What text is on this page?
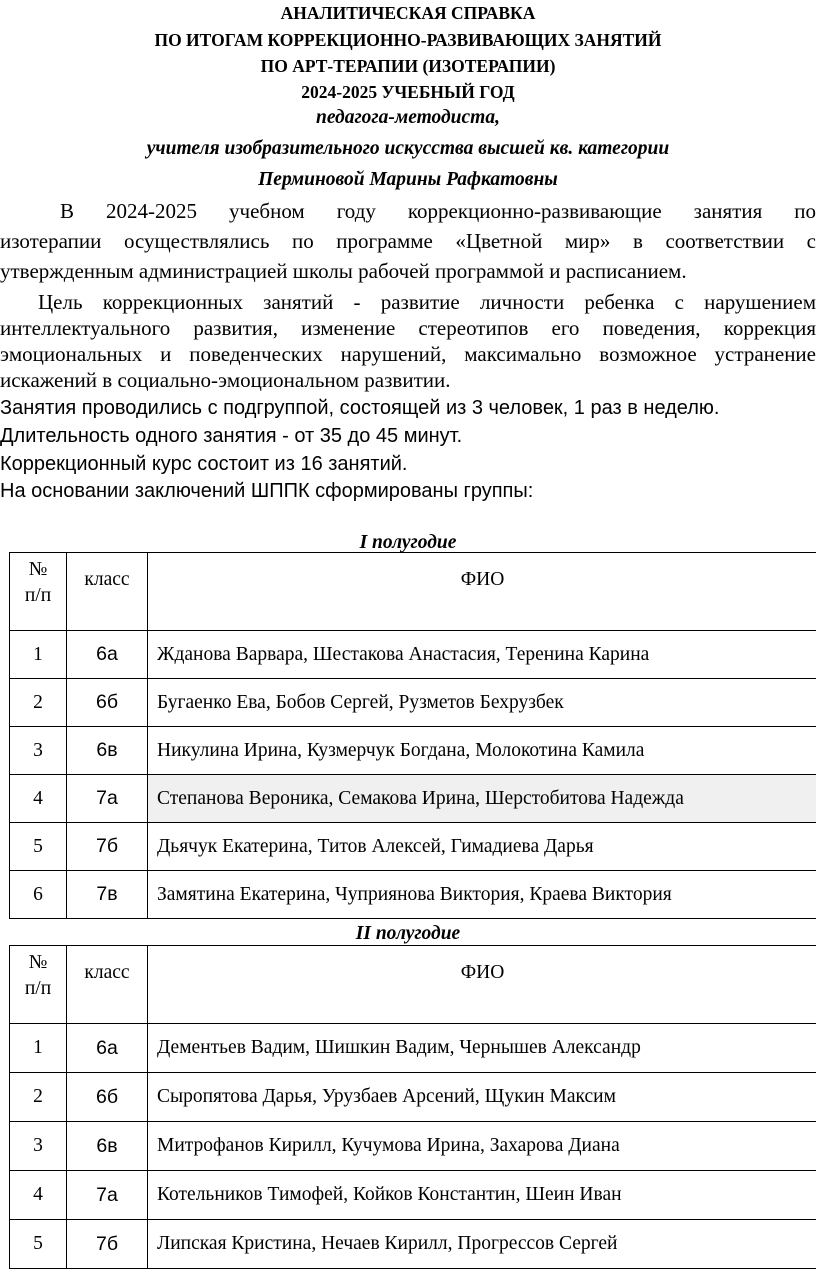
АНАЛИТИЧЕСКАЯ СПРАВКА
ПО ИТОГАМ КОРРЕКЦИОННО-РАЗВИВАЮЩИХ ЗАНЯТИЙ
ПО АРТ-ТЕРАПИИ (ИЗОТЕРАПИИ)
2024-2025 УЧЕБНЫЙ ГОД
педагога-методиста,
учителя изобразительного искусства высшей кв. категории
Перминовой Марины Рафкатовны
В 2024-2025 учебном году коррекционно-развивающие занятия по
изотерапии осуществлялись по программе «Цветной мир» в соответствии с
утвержденным администрацией школы рабочей программой и расписанием.
Цель коррекционных занятий - развитие личности ребенка с нарушением
интеллектуального развития, изменение стереотипов его поведения, коррекция
эмоциональных и поведенческих нарушений, максимально возможное устранение
искажений в социально-эмоциональном развитии.
Занятия проводились с подгруппой, состоящей из 3 человек, 1 раз в неделю.
Длительность одного занятия - от 35 до 45 минут.
Коррекционный курс состоит из 16 занятий.
На основании заключений ШППК сформированы группы:
I полугодие
№
п/п	класс	ФИО
1	6а	Жданова Варвара, Шестакова Анастасия, Теренина Карина
2	6б	Бугаенко Ева, Бобов Сергей, Рузметов Бехрузбек
3	6в	Никулина Ирина, Кузмерчук Богдана, Молокотина Камила
4	7а	Степанова Вероника, Семакова Ирина, Шерстобитова Надежда
5	7б	Дьячук Екатерина, Титов Алексей, Гимадиева Дарья
6	7в	Замятина Екатерина, Чуприянова Виктория, Краева Виктория
II полугодие
№
п/п	класс	ФИО
1	6а	Дементьев Вадим, Шишкин Вадим, Чернышев Александр
2	6б	Сыропятова Дарья, Урузбаев Арсений, Щукин Максим
3	6в	Митрофанов Кирилл, Кучумова Ирина, Захарова Диана
4	7а	Котельников Тимофей, Койков Константин, Шеин Иван
5	7б	Липская Кристина, Нечаев Кирилл, Прогрессов Сергей
